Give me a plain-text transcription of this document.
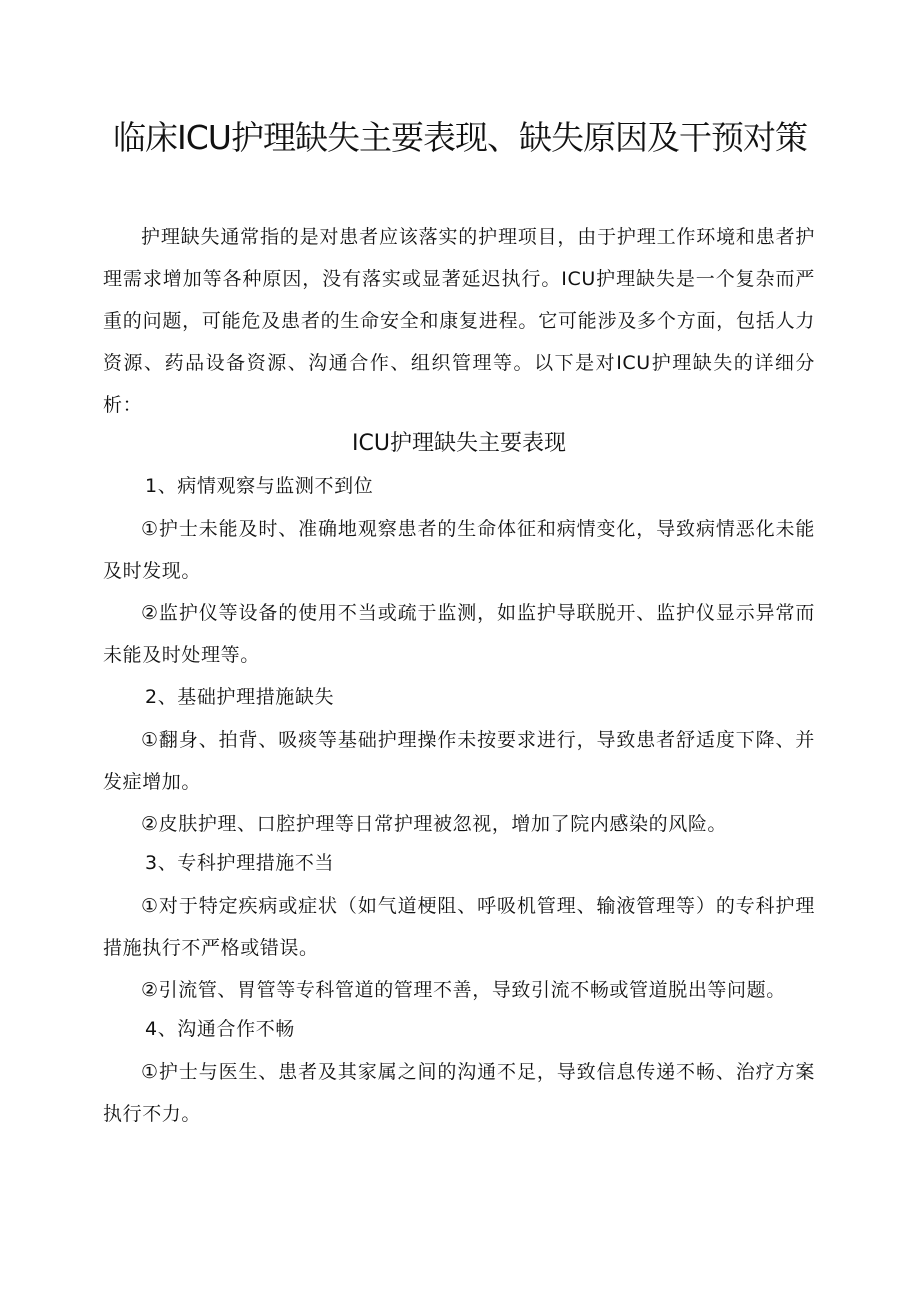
临床ICU护理缺失主要表现、缺失原因及干预对策

护理缺失通常指的是对患者应该落实的护理项目，由于护理工作环境和患者护理需求增加等各种原因，没有落实或显著延迟执行。ICU护理缺失是一个复杂而严重的问题，可能危及患者的生命安全和康复进程。它可能涉及多个方面，包括人力资源、药品设备资源、沟通合作、组织管理等。以下是对ICU护理缺失的详细分析：

ICU护理缺失主要表现

1、病情观察与监测不到位

①护士未能及时、准确地观察患者的生命体征和病情变化，导致病情恶化未能及时发现。

②监护仪等设备的使用不当或疏于监测，如监护导联脱开、监护仪显示异常而未能及时处理等。

2、基础护理措施缺失

①翻身、拍背、吸痰等基础护理操作未按要求进行，导致患者舒适度下降、并发症增加。

②皮肤护理、口腔护理等日常护理被忽视，增加了院内感染的风险。

3、专科护理措施不当

①对于特定疾病或症状（如气道梗阻、呼吸机管理、输液管理等）的专科护理措施执行不严格或错误。

②引流管、胃管等专科管道的管理不善，导致引流不畅或管道脱出等问题。

4、沟通合作不畅

①护士与医生、患者及其家属之间的沟通不足，导致信息传递不畅、治疗方案执行不力。
